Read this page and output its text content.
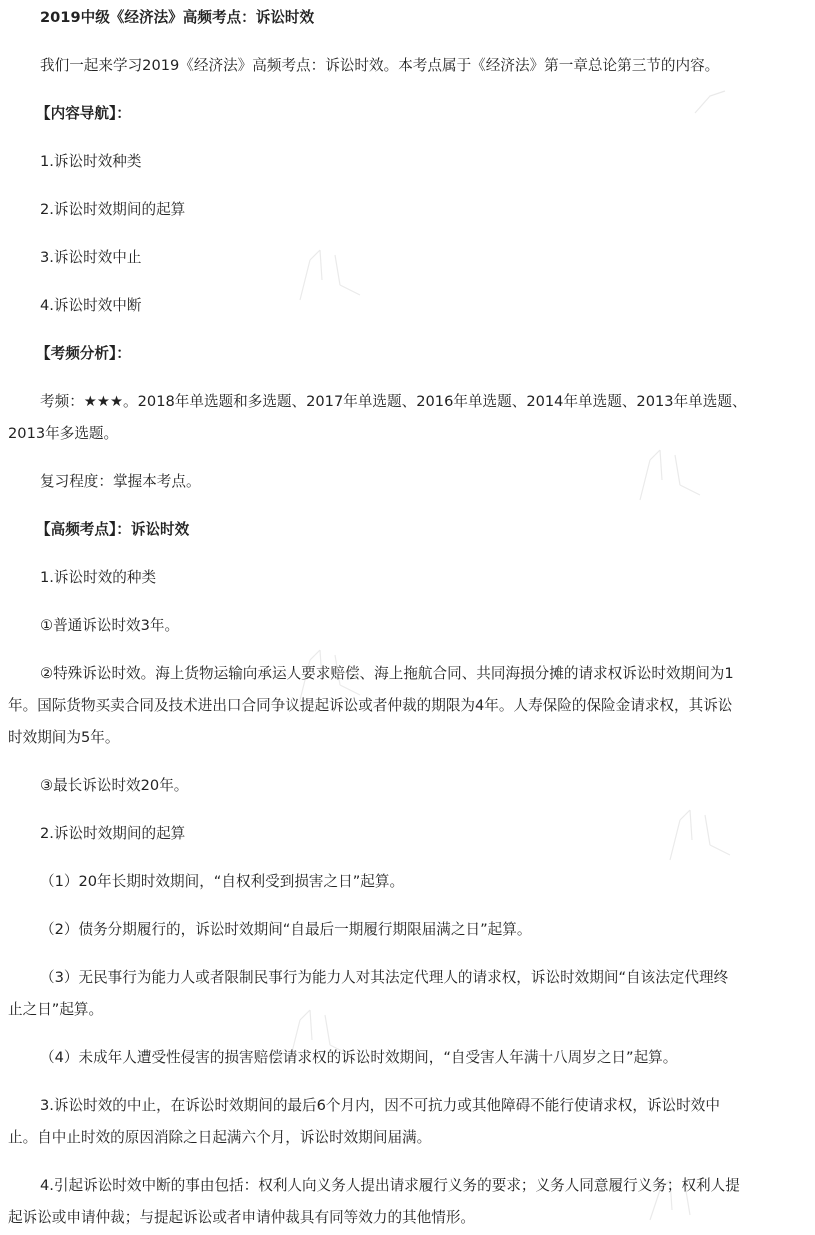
2019中级《经济法》高频考点：诉讼时效

我们一起来学习2019《经济法》高频考点：诉讼时效。本考点属于《经济法》第一章总论第三节的内容。

【内容导航】：

1.诉讼时效种类

2.诉讼时效期间的起算

3.诉讼时效中止

4.诉讼时效中断

【考频分析】：

考频：★★★。2018年单选题和多选题、2017年单选题、2016年单选题、2014年单选题、2013年单选题、

2013年多选题。

复习程度：掌握本考点。

【高频考点】：诉讼时效

1.诉讼时效的种类

①普通诉讼时效3年。

②特殊诉讼时效。海上货物运输向承运人要求赔偿、海上拖航合同、共同海损分摊的请求权诉讼时效期间为1

年。国际货物买卖合同及技术进出口合同争议提起诉讼或者仲裁的期限为4年。人寿保险的保险金请求权，其诉讼

时效期间为5年。

③最长诉讼时效20年。

2.诉讼时效期间的起算

（1）20年长期时效期间，“自权利受到损害之日”起算。

（2）债务分期履行的，诉讼时效期间“自最后一期履行期限届满之日”起算。

（3）无民事行为能力人或者限制民事行为能力人对其法定代理人的请求权，诉讼时效期间“自该法定代理终

止之日”起算。

（4）未成年人遭受性侵害的损害赔偿请求权的诉讼时效期间，“自受害人年满十八周岁之日”起算。

3.诉讼时效的中止，在诉讼时效期间的最后6个月内，因不可抗力或其他障碍不能行使请求权，诉讼时效中

止。自中止时效的原因消除之日起满六个月，诉讼时效期间届满。

4.引起诉讼时效中断的事由包括：权利人向义务人提出请求履行义务的要求；义务人同意履行义务；权利人提

起诉讼或申请仲裁；与提起诉讼或者申请仲裁具有同等效力的其他情形。
